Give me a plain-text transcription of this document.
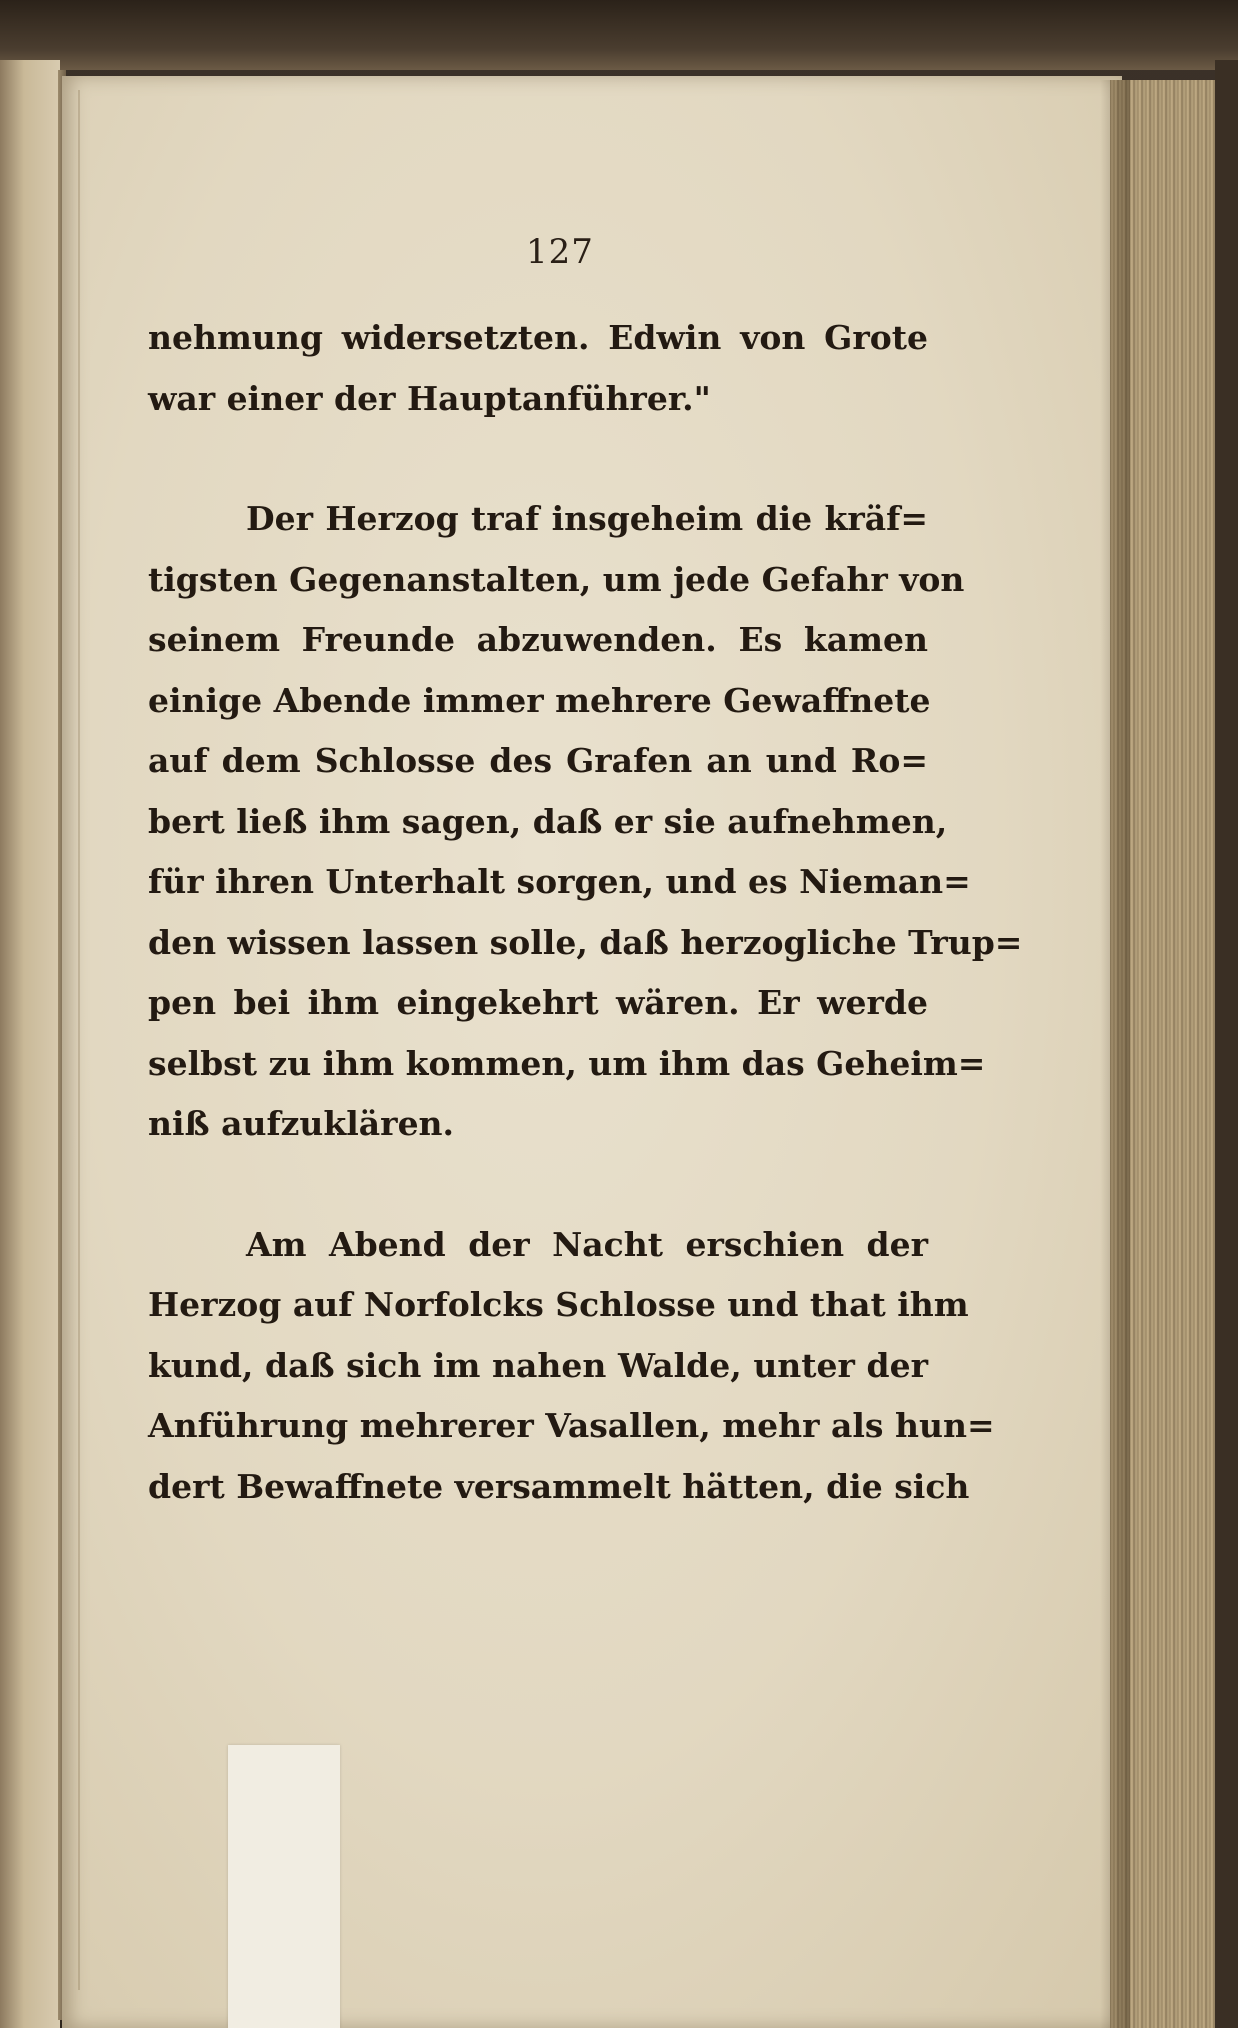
127
nehmung widersetzten. Edwin von Grote
war einer der Hauptanführer."
Der Herzog traf insgeheim die kräf=
tigsten Gegenanstalten, um jede Gefahr von
seinem Freunde abzuwenden. Es kamen
einige Abende immer mehrere Gewaffnete
auf dem Schlosse des Grafen an und Ro=
bert ließ ihm sagen, daß er sie aufnehmen,
für ihren Unterhalt sorgen, und es Nieman=
den wissen lassen solle, daß herzogliche Trup=
pen bei ihm eingekehrt wären. Er werde
selbst zu ihm kommen, um ihm das Geheim=
niß aufzuklären.
Am Abend der Nacht erschien der
Herzog auf Norfolcks Schlosse und that ihm
kund, daß sich im nahen Walde, unter der
Anführung mehrerer Vasallen, mehr als hun=
dert Bewaffnete versammelt hätten, die sich
